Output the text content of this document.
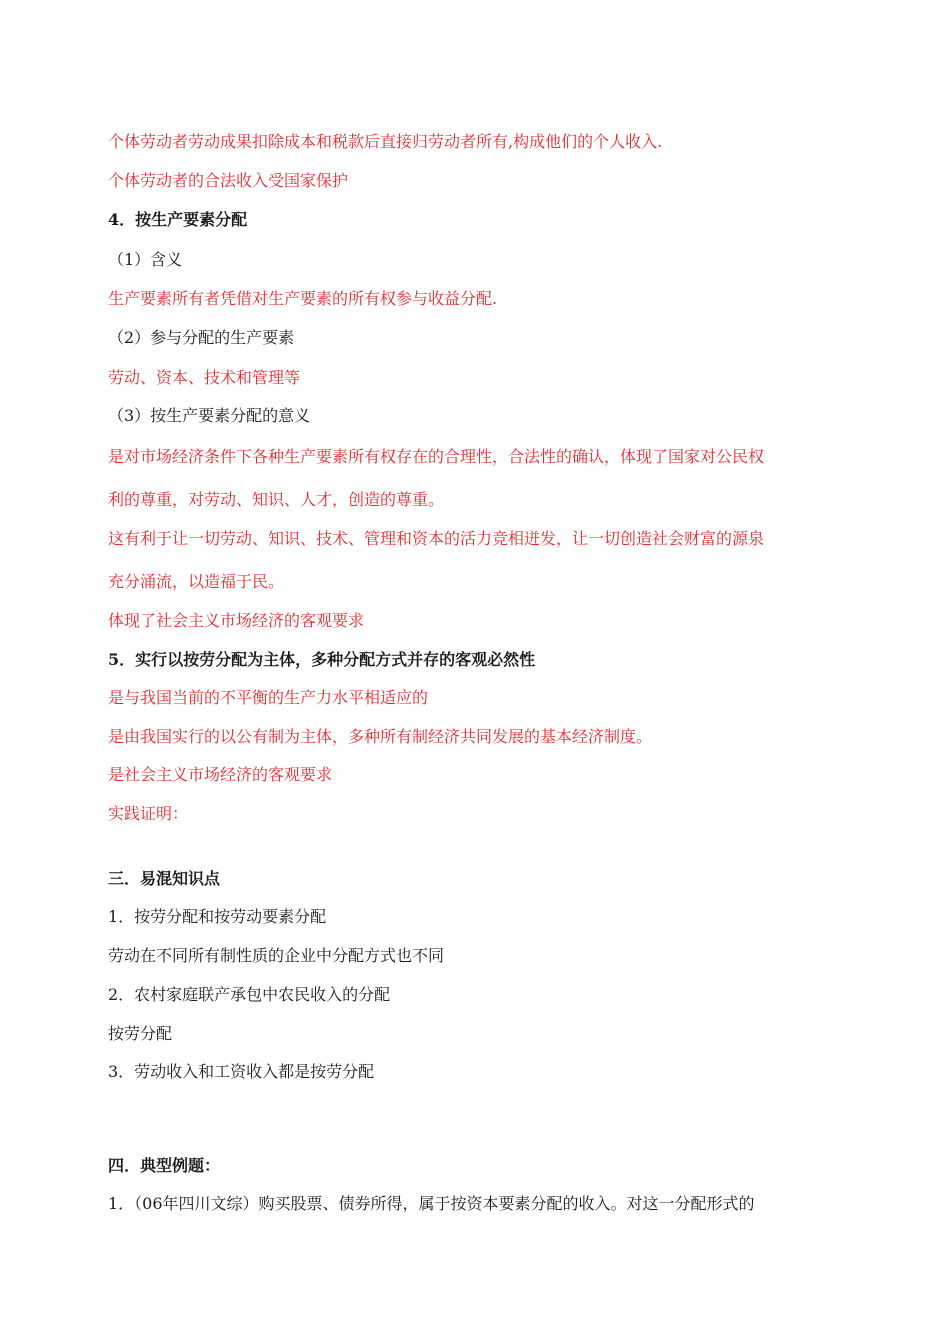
个体劳动者劳动成果扣除成本和税款后直接归劳动者所有,构成他们的个人收入.
个体劳动者的合法收入受国家保护
4．按生产要素分配
（1）含义
生产要素所有者凭借对生产要素的所有权参与收益分配.
（2）参与分配的生产要素
劳动、资本、技术和管理等
（3）按生产要素分配的意义
是对市场经济条件下各种生产要素所有权存在的合理性，合法性的确认，体现了国家对公民权
利的尊重，对劳动、知识、人才，创造的尊重。
这有利于让一切劳动、知识、技术、管理和资本的活力竞相迸发，让一切创造社会财富的源泉
充分涌流，以造福于民。
体现了社会主义市场经济的客观要求
5．实行以按劳分配为主体，多种分配方式并存的客观必然性
是与我国当前的不平衡的生产力水平相适应的
是由我国实行的以公有制为主体，多种所有制经济共同发展的基本经济制度。
是社会主义市场经济的客观要求
实践证明：
三．易混知识点
1．按劳分配和按劳动要素分配
劳动在不同所有制性质的企业中分配方式也不同
2．农村家庭联产承包中农民收入的分配
按劳分配
3．劳动收入和工资收入都是按劳分配
四．典型例题：
1．（06年四川文综）购买股票、债券所得，属于按资本要素分配的收入。对这一分配形式的
